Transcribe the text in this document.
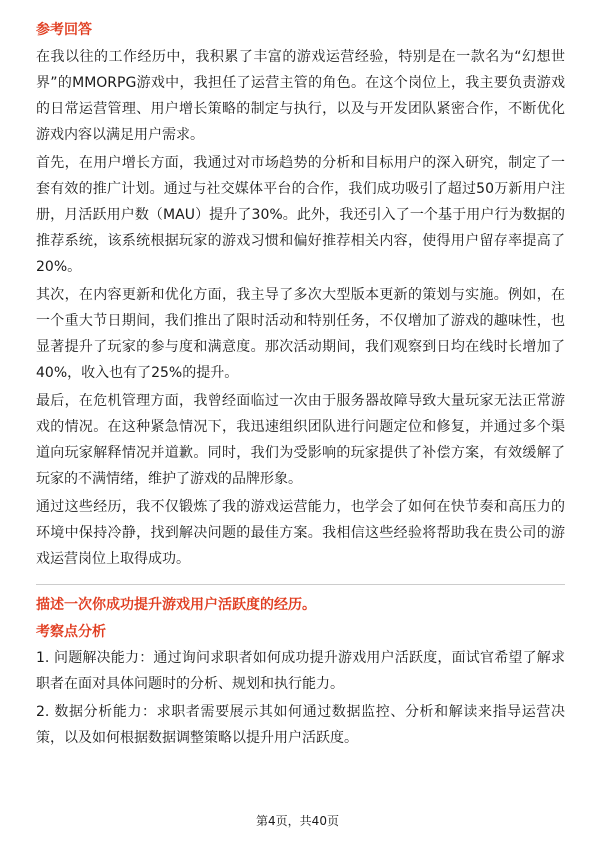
参考回答

在我以往的工作经历中，我积累了丰富的游戏运营经验，特别是在一款名为“幻想世界”的MMORPG游戏中，我担任了运营主管的角色。在这个岗位上，我主要负责游戏的日常运营管理、用户增长策略的制定与执行，以及与开发团队紧密合作，不断优化游戏内容以满足用户需求。

首先，在用户增长方面，我通过对市场趋势的分析和目标用户的深入研究，制定了一套有效的推广计划。通过与社交媒体平台的合作，我们成功吸引了超过50万新用户注册，月活跃用户数（MAU）提升了30%。此外，我还引入了一个基于用户行为数据的推荐系统，该系统根据玩家的游戏习惯和偏好推荐相关内容，使得用户留存率提高了20%。

其次，在内容更新和优化方面，我主导了多次大型版本更新的策划与实施。例如，在一个重大节日期间，我们推出了限时活动和特别任务，不仅增加了游戏的趣味性，也显著提升了玩家的参与度和满意度。那次活动期间，我们观察到日均在线时长增加了40%，收入也有了25%的提升。

最后，在危机管理方面，我曾经面临过一次由于服务器故障导致大量玩家无法正常游戏的情况。在这种紧急情况下，我迅速组织团队进行问题定位和修复，并通过多个渠道向玩家解释情况并道歉。同时，我们为受影响的玩家提供了补偿方案，有效缓解了玩家的不满情绪，维护了游戏的品牌形象。

通过这些经历，我不仅锻炼了我的游戏运营能力，也学会了如何在快节奏和高压力的环境中保持冷静，找到解决问题的最佳方案。我相信这些经验将帮助我在贵公司的游戏运营岗位上取得成功。

描述一次你成功提升游戏用户活跃度的经历。
考察点分析

1. 问题解决能力：通过询问求职者如何成功提升游戏用户活跃度，面试官希望了解求职者在面对具体问题时的分析、规划和执行能力。

2. 数据分析能力：求职者需要展示其如何通过数据监控、分析和解读来指导运营决策，以及如何根据数据调整策略以提升用户活跃度。

第4页，共40页
